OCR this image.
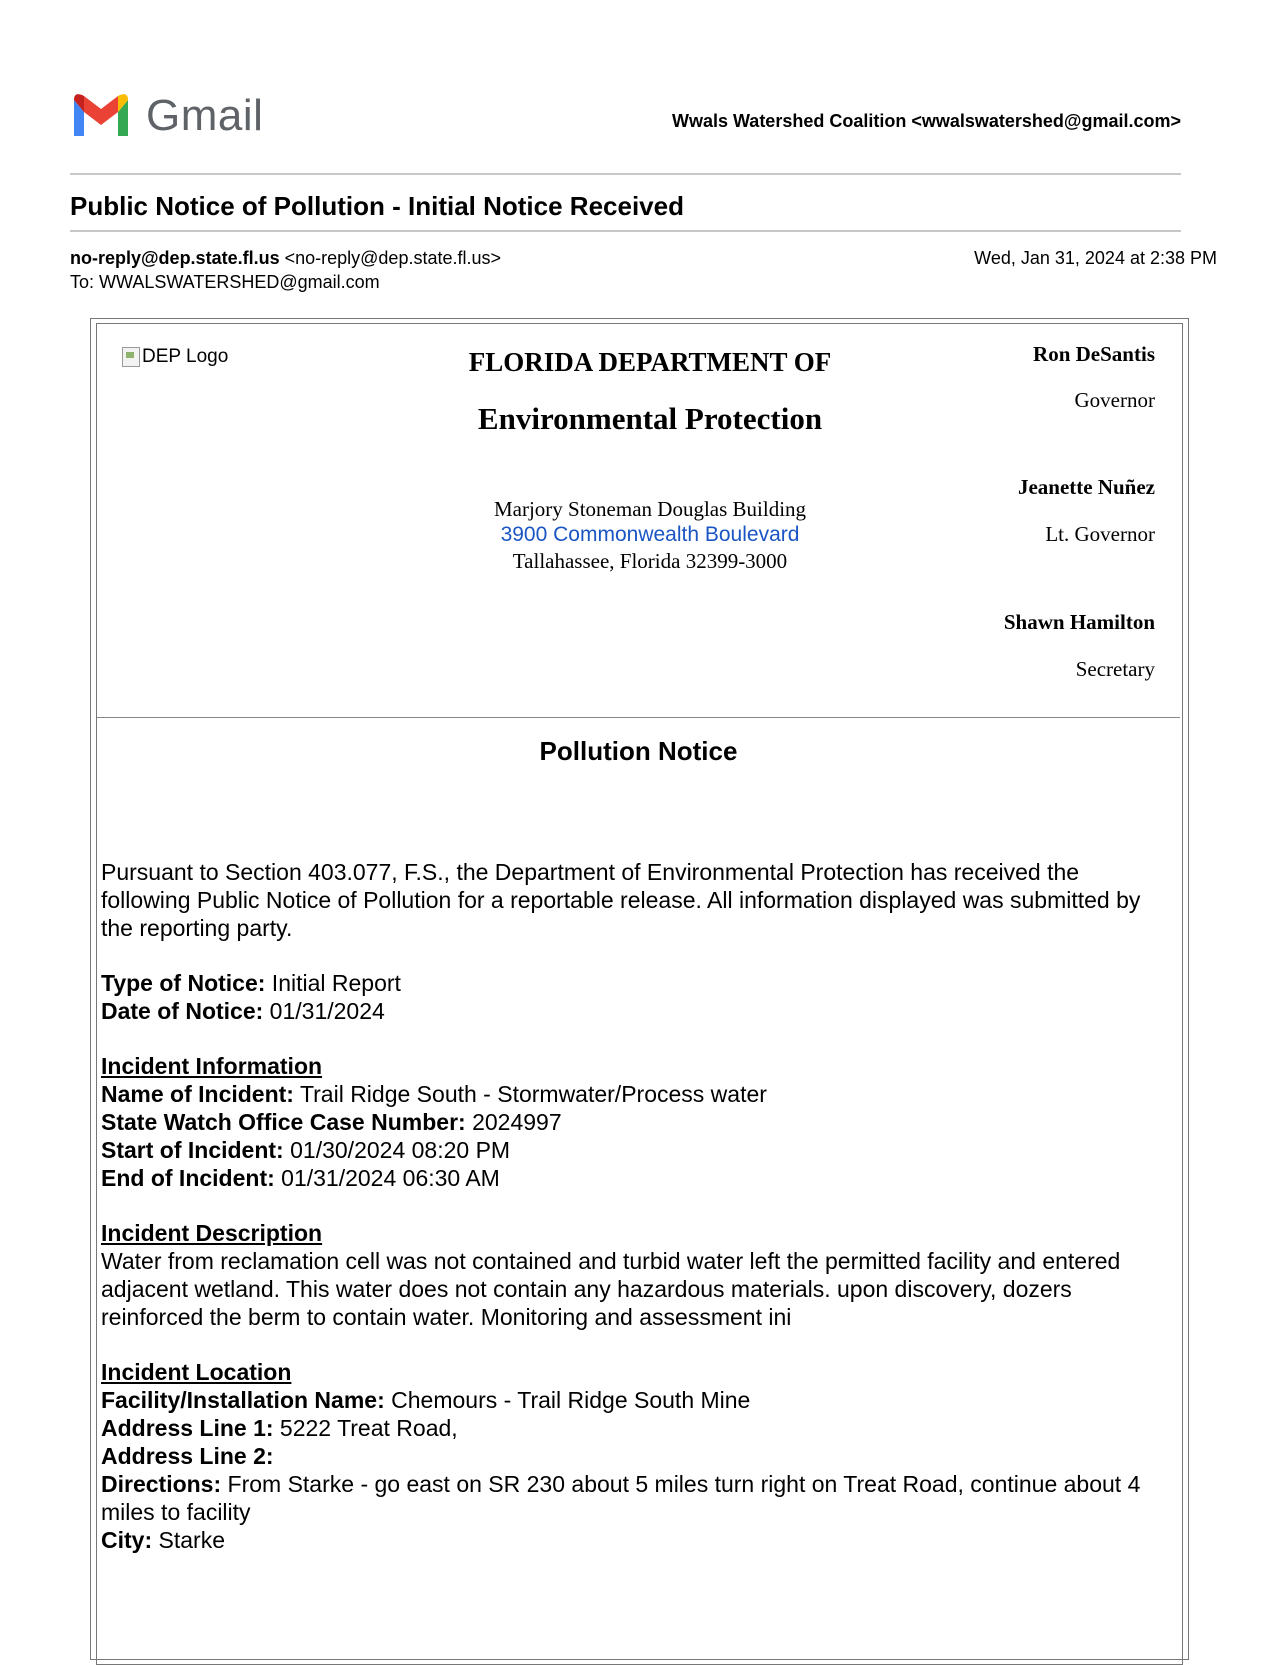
Gmail	Wwals Watershed Coalition <wwalswatershed@gmail.com>
Public Notice of Pollution - Initial Notice Received
no-reply@dep.state.fl.us <no-reply@dep.state.fl.us>	Wed, Jan 31, 2024 at 2:38 PM
To: WWALSWATERSHED@gmail.com
DEP Logo	FLORIDA DEPARTMENT OF
Environmental Protection
Marjory Stoneman Douglas Building
3900 Commonwealth Boulevard
Tallahassee, Florida 32399-3000
Ron DeSantis
Governor
Jeanette Nuñez
Lt. Governor
Shawn Hamilton
Secretary
Pollution Notice

Pursuant to Section 403.077, F.S., the Department of Environmental Protection has received the following Public Notice of Pollution for a reportable release. All information displayed was submitted by the reporting party.

Type of Notice: Initial Report

Date of Notice: 01/31/2024

Incident Information

Name of Incident: Trail Ridge South - Stormwater/Process water

State Watch Office Case Number: 2024997

Start of Incident: 01/30/2024 08:20 PM

End of Incident: 01/31/2024 06:30 AM

Incident Description

Water from reclamation cell was not contained and turbid water left the permitted facility and entered adjacent wetland. This water does not contain any hazardous materials. upon discovery, dozers reinforced the berm to contain water. Monitoring and assessment ini

Incident Location

Facility/Installation Name: Chemours - Trail Ridge South Mine

Address Line 1: 5222 Treat Road,

Address Line 2:

Directions: From Starke - go east on SR 230 about 5 miles turn right on Treat Road, continue about 4 miles to facility

City: Starke
